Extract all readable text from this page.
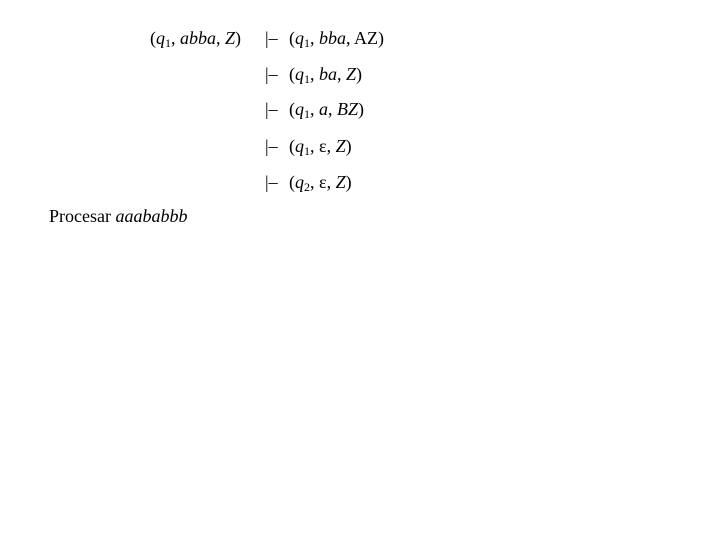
($q_1$, abba, Z) |– ($q_1$, bba, AZ)
|– ($q_1$, ba, Z)
|– ($q_1$, a, BZ)
|– ($q_1$, ε, Z)
|– ($q_2$, ε, Z)
Procesar aaababbb
